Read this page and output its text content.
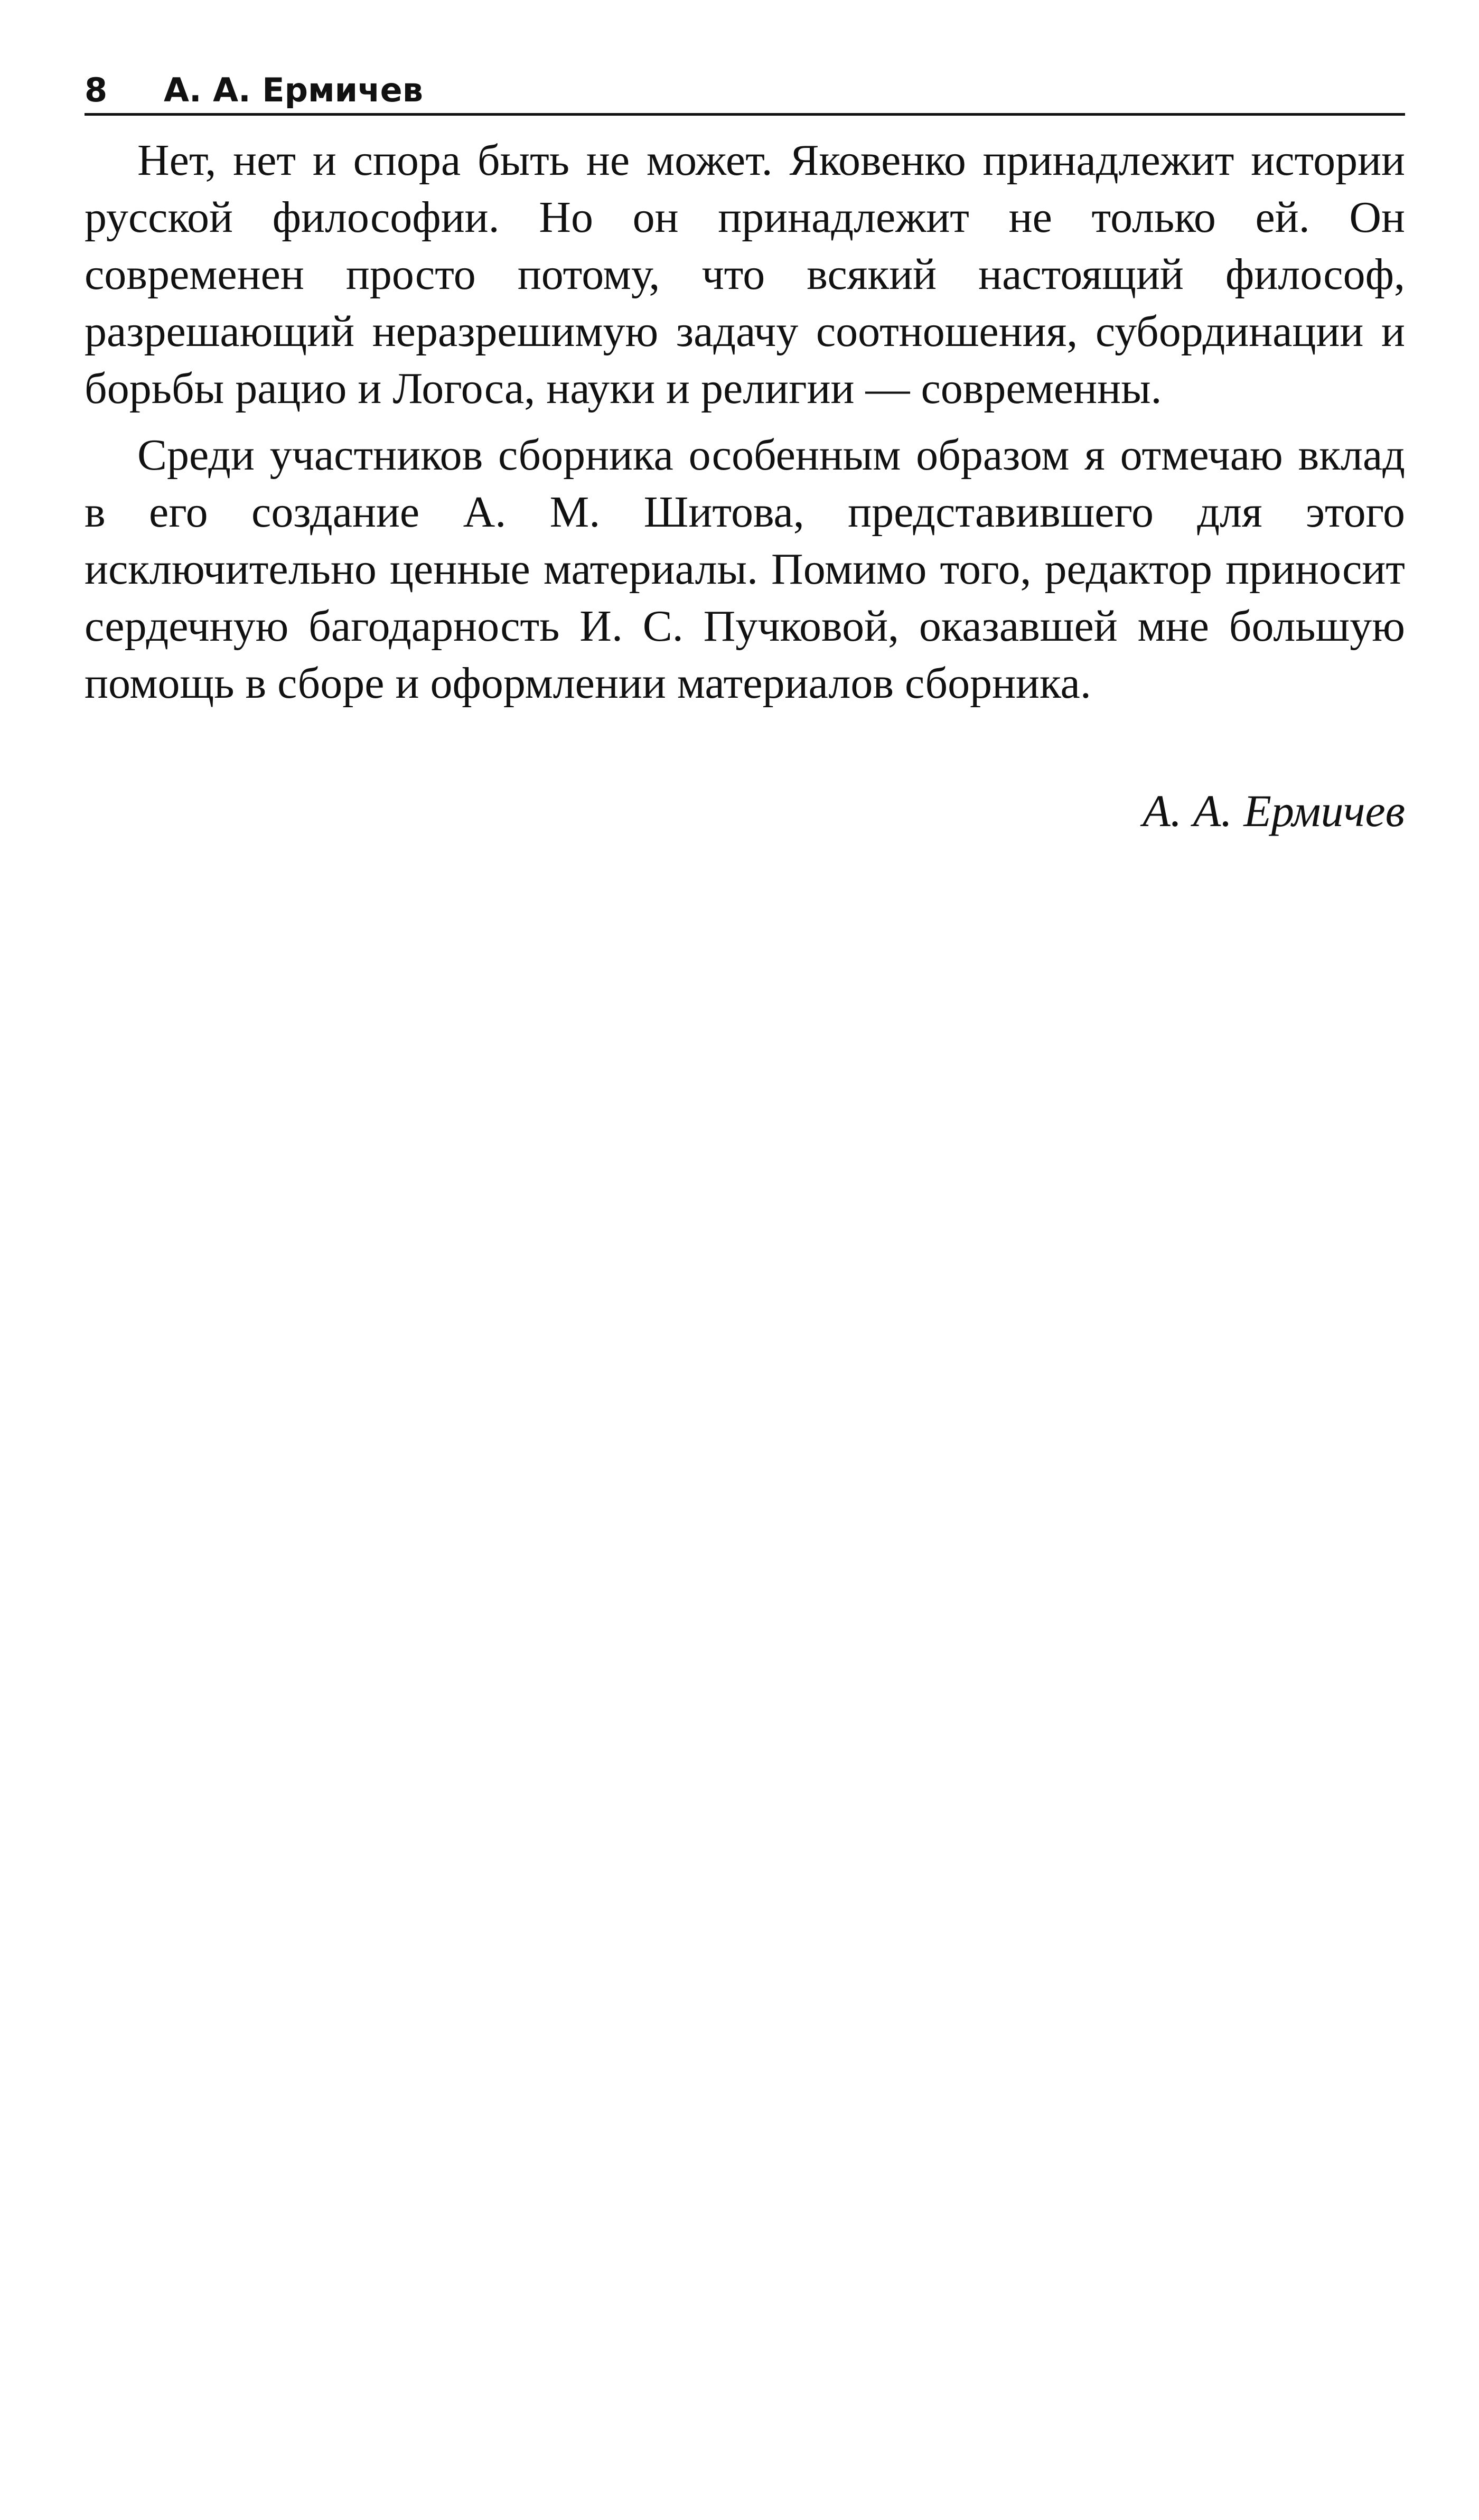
8 А. А. Ермичев

Нет, нет и спора быть не может. Яковенко принадлежит истории русской философии. Но он принадлежит не только ей. Он современен просто потому, что всякий настоящий философ, разрешающий неразрешимую задачу соотношения, субординации и борьбы рацио и Логоса, науки и религии — современны.

Среди участников сборника особенным образом я отмечаю вклад в его создание А. М. Шитова, представившего для этого исключительно ценные материалы. Помимо того, редактор приносит сердечную багодарность И. С. Пучковой, оказавшей мне большую помощь в сборе и оформлении материалов сборника.

А. А. Ермичев
